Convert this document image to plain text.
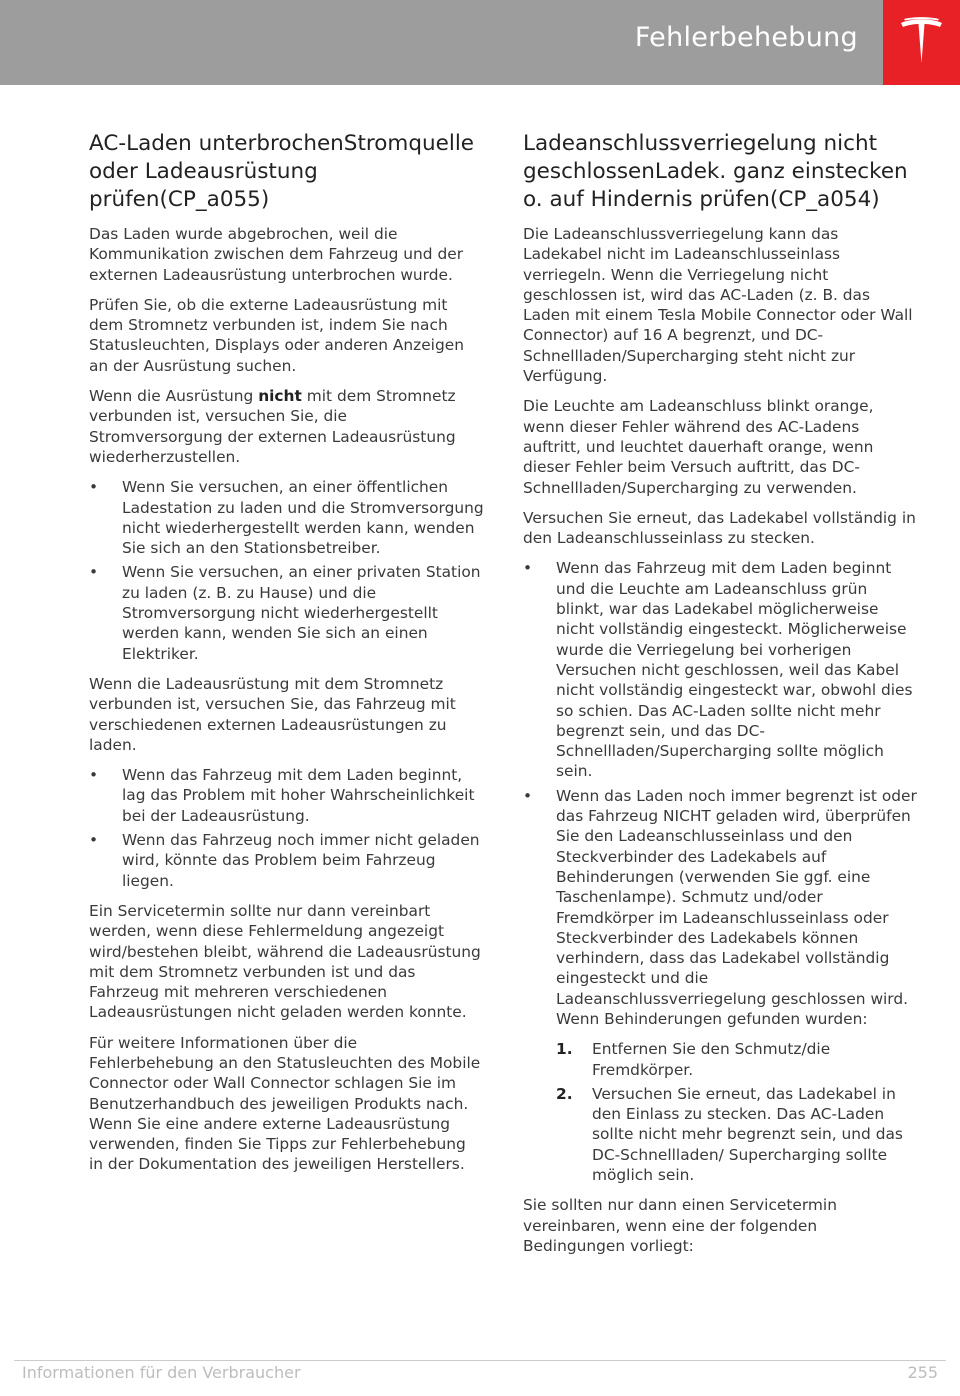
Fehlerbehebung
AC-Laden unterbrochenStromquelle oder Ladeausrüstung prüfen(CP_a055)

Das Laden wurde abgebrochen, weil die Kommunikation zwischen dem Fahrzeug und der externen Ladeausrüstung unterbrochen wurde.

Prüfen Sie, ob die externe Ladeausrüstung mit dem Stromnetz verbunden ist, indem Sie nach Statusleuchten, Displays oder anderen Anzeigen an der Ausrüstung suchen.

Wenn die Ausrüstung nicht mit dem Stromnetz verbunden ist, versuchen Sie, die Stromversorgung der externen Ladeausrüstung wiederherzustellen.

• Wenn Sie versuchen, an einer öffentlichen Ladestation zu laden und die Stromversorgung nicht wiederhergestellt werden kann, wenden Sie sich an den Stationsbetreiber.
• Wenn Sie versuchen, an einer privaten Station zu laden (z. B. zu Hause) und die Stromversorgung nicht wiederhergestellt werden kann, wenden Sie sich an einen Elektriker.

Wenn die Ladeausrüstung mit dem Stromnetz verbunden ist, versuchen Sie, das Fahrzeug mit verschiedenen externen Ladeausrüstungen zu laden.

• Wenn das Fahrzeug mit dem Laden beginnt, lag das Problem mit hoher Wahrscheinlichkeit bei der Ladeausrüstung.
• Wenn das Fahrzeug noch immer nicht geladen wird, könnte das Problem beim Fahrzeug liegen.

Ein Servicetermin sollte nur dann vereinbart werden, wenn diese Fehlermeldung angezeigt wird/bestehen bleibt, während die Ladeausrüstung mit dem Stromnetz verbunden ist und das Fahrzeug mit mehreren verschiedenen Ladeausrüstungen nicht geladen werden konnte.

Für weitere Informationen über die Fehlerbehebung an den Statusleuchten des Mobile Connector oder Wall Connector schlagen Sie im Benutzerhandbuch des jeweiligen Produkts nach. Wenn Sie eine andere externe Ladeausrüstung verwenden, finden Sie Tipps zur Fehlerbehebung in der Dokumentation des jeweiligen Herstellers.

Ladeanschlussverriegelung nicht geschlossenLadek. ganz einstecken o. auf Hindernis prüfen(CP_a054)

Die Ladeanschlussverriegelung kann das Ladekabel nicht im Ladeanschlusseinlass verriegeln. Wenn die Verriegelung nicht geschlossen ist, wird das AC-Laden (z. B. das Laden mit einem Tesla Mobile Connector oder Wall Connector) auf 16 A begrenzt, und DC-Schnellladen/Supercharging steht nicht zur Verfügung.

Die Leuchte am Ladeanschluss blinkt orange, wenn dieser Fehler während des AC-Ladens auftritt, und leuchtet dauerhaft orange, wenn dieser Fehler beim Versuch auftritt, das DC-Schnellladen/Supercharging zu verwenden.

Versuchen Sie erneut, das Ladekabel vollständig in den Ladeanschlusseinlass zu stecken.

• Wenn das Fahrzeug mit dem Laden beginnt und die Leuchte am Ladeanschluss grün blinkt, war das Ladekabel möglicherweise nicht vollständig eingesteckt. Möglicherweise wurde die Verriegelung bei vorherigen Versuchen nicht geschlossen, weil das Kabel nicht vollständig eingesteckt war, obwohl dies so schien. Das AC-Laden sollte nicht mehr begrenzt sein, und das DC-Schnellladen/Supercharging sollte möglich sein.
• Wenn das Laden noch immer begrenzt ist oder das Fahrzeug NICHT geladen wird, überprüfen Sie den Ladeanschlusseinlass und den Steckverbinder des Ladekabels auf Behinderungen (verwenden Sie ggf. eine Taschenlampe). Schmutz und/oder Fremdkörper im Ladeanschlusseinlass oder Steckverbinder des Ladekabels können verhindern, dass das Ladekabel vollständig eingesteckt und die Ladeanschlussverriegelung geschlossen wird. Wenn Behinderungen gefunden wurden:
1. Entfernen Sie den Schmutz/die Fremdkörper.
2. Versuchen Sie erneut, das Ladekabel in den Einlass zu stecken. Das AC-Laden sollte nicht mehr begrenzt sein, und das DC-Schnellladen/ Supercharging sollte möglich sein.

Sie sollten nur dann einen Servicetermin vereinbaren, wenn eine der folgenden Bedingungen vorliegt:

Informationen für den Verbraucher	255
